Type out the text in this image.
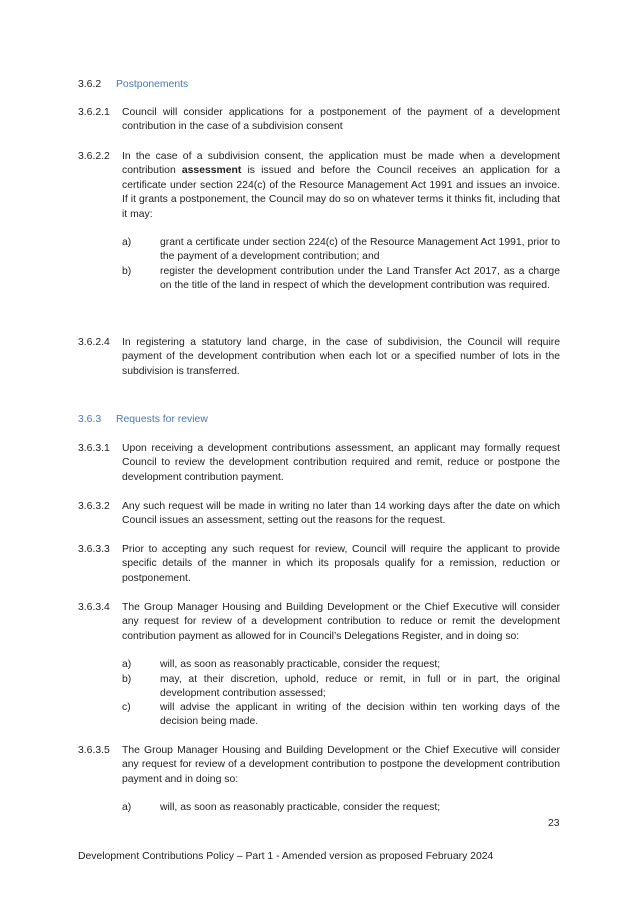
3.6.2 Postponements
3.6.2.1	Council will consider applications for a postponement of the payment of a development contribution in the case of a subdivision consent
3.6.2.2	In the case of a subdivision consent, the application must be made when a development contribution assessment is issued and before the Council receives an application for a certificate under section 224(c) of the Resource Management Act 1991 and issues an invoice. If it grants a postponement, the Council may do so on whatever terms it thinks fit, including that it may:
a)	grant a certificate under section 224(c) of the Resource Management Act 1991, prior to the payment of a development contribution; and
b)	register the development contribution under the Land Transfer Act 2017, as a charge on the title of the land in respect of which the development contribution was required.
3.6.2.4	In registering a statutory land charge, in the case of subdivision, the Council will require payment of the development contribution when each lot or a specified number of lots in the subdivision is transferred.
3.6.3 Requests for review
3.6.3.1	Upon receiving a development contributions assessment, an applicant may formally request Council to review the development contribution required and remit, reduce or postpone the development contribution payment.
3.6.3.2	Any such request will be made in writing no later than 14 working days after the date on which Council issues an assessment, setting out the reasons for the request.
3.6.3.3	Prior to accepting any such request for review, Council will require the applicant to provide specific details of the manner in which its proposals qualify for a remission, reduction or postponement.
3.6.3.4	The Group Manager Housing and Building Development or the Chief Executive will consider any request for review of a development contribution to reduce or remit the development contribution payment as allowed for in Council’s Delegations Register, and in doing so:
a)	will, as soon as reasonably practicable, consider the request;
b)	may, at their discretion, uphold, reduce or remit, in full or in part, the original development contribution assessed;
c)	will advise the applicant in writing of the decision within ten working days of the decision being made.
3.6.3.5	The Group Manager Housing and Building Development or the Chief Executive will consider any request for review of a development contribution to postpone the development contribution payment and in doing so:
a)	will, as soon as reasonably practicable, consider the request;
23
Development Contributions Policy – Part 1 - Amended version as proposed February 2024
